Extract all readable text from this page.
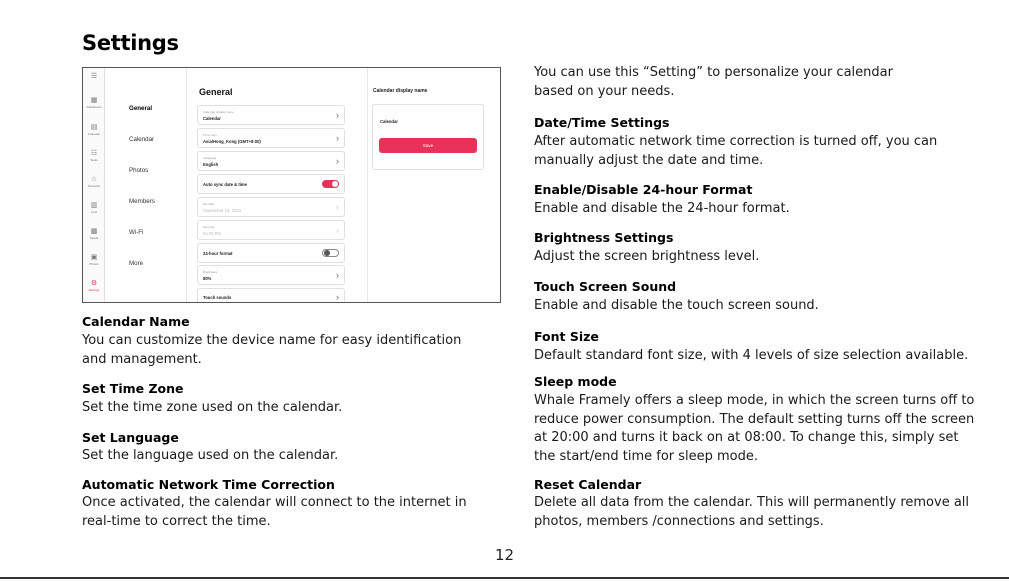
Settings
☰
▦
Dashboard
▤
Calendar
☷
Tasks
☆
Rewards
▥
Lists
▩
Meals
▣
Photos
⚙
Settings
General
Calendar
Photos
Members
Wi-Fi
More
General
Calendar display name
Calendar	›
Time zone
Asia/Hong_Kong (GMT+8:00)	›
Language
English	›
Auto sync date & time
Set date
September 16, 2023	›
Set time
04:33 PM	›
24-hour format
Brightness
80%	›
Touch sounds	›
Calendar display name
Calendar
Save
Calendar Name
You can customize the device name for easy identification
and management.
Set Time Zone
Set the time zone used on the calendar.
Set Language
Set the language used on the calendar.
Automatic Network Time Correction
Once activated, the calendar will connect to the internet in
real-time to correct the time.
You can use this “Setting” to personalize your calendar
based on your needs.
Date/Time Settings
After automatic network time correction is turned off, you can
manually adjust the date and time.
Enable/Disable 24-hour Format
Enable and disable the 24-hour format.
Brightness Settings
Adjust the screen brightness level.
Touch Screen Sound
Enable and disable the touch screen sound.
Font Size
Default standard font size, with 4 levels of size selection available.
Sleep mode
Whale Framely offers a sleep mode, in which the screen turns off to
reduce power consumption. The default setting turns off the screen
at 20:00 and turns it back on at 08:00. To change this, simply set
the start/end time for sleep mode.
Reset Calendar
Delete all data from the calendar. This will permanently remove all
photos, members /connections and settings.
12
